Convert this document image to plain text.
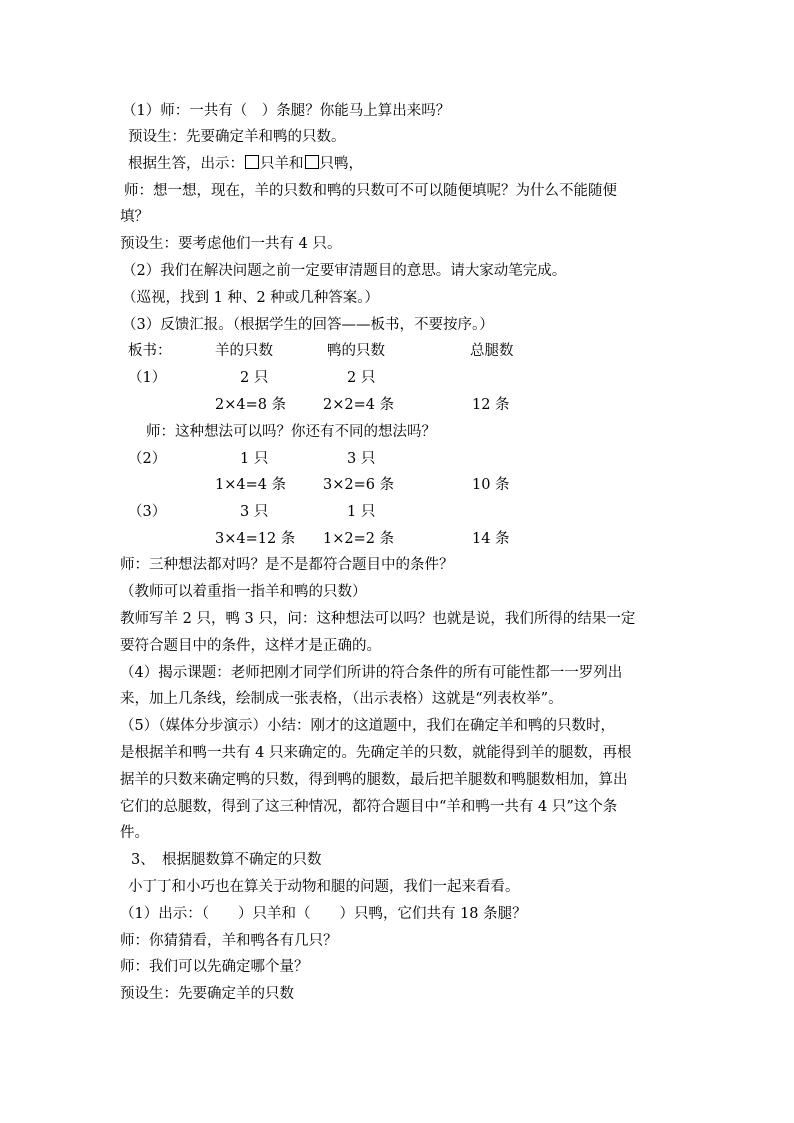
（1）师：一共有（　）条腿？你能马上算出来吗？
预设生：先要确定羊和鸭的只数。
根据生答，出示： 只羊和 只鸭，
师：想一想，现在，羊的只数和鸭的只数可不可以随便填呢？为什么不能随便
填？
预设生：要考虑他们一共有 4 只。
（2）我们在解决问题之前一定要审清题目的意思。请大家动笔完成。
（巡视，找到 1 种、2 种或几种答案。）
（3）反馈汇报。（根据学生的回答——板书，不要按序。）
板书：	羊的只数	鸭的只数	总腿数
（1）	2 只	2 只
2×4=8 条	2×2=4 条	12 条
师：这种想法可以吗？你还有不同的想法吗？
（2）	1 只	3 只
1×4=4 条	3×2=6 条	10 条
（3）	3 只	1 只
3×4=12 条 1×2=2 条	14 条
师：三种想法都对吗？是不是都符合题目中的条件？
（教师可以着重指一指羊和鸭的只数）
教师写羊 2 只，鸭 3 只，问：这种想法可以吗？也就是说，我们所得的结果一定
要符合题目中的条件，这样才是正确的。
（4）揭示课题：老师把刚才同学们所讲的符合条件的所有可能性都一一罗列出
来，加上几条线，绘制成一张表格，（出示表格）这就是“列表枚举”。
（5）（媒体分步演示）小结：刚才的这道题中，我们在确定羊和鸭的只数时，
是根据羊和鸭一共有 4 只来确定的。先确定羊的只数，就能得到羊的腿数，再根
据羊的只数来确定鸭的只数，得到鸭的腿数，最后把羊腿数和鸭腿数相加，算出
它们的总腿数，得到了这三种情况，都符合题目中“羊和鸭一共有 4 只”这个条
件。
3、　根据腿数算不确定的只数
小丁丁和小巧也在算关于动物和腿的问题，我们一起来看看。
（1）出示：（　　）只羊和（　　）只鸭，它们共有 18 条腿？
师：你猜猜看，羊和鸭各有几只？
师：我们可以先确定哪个量？
预设生：先要确定羊的只数
